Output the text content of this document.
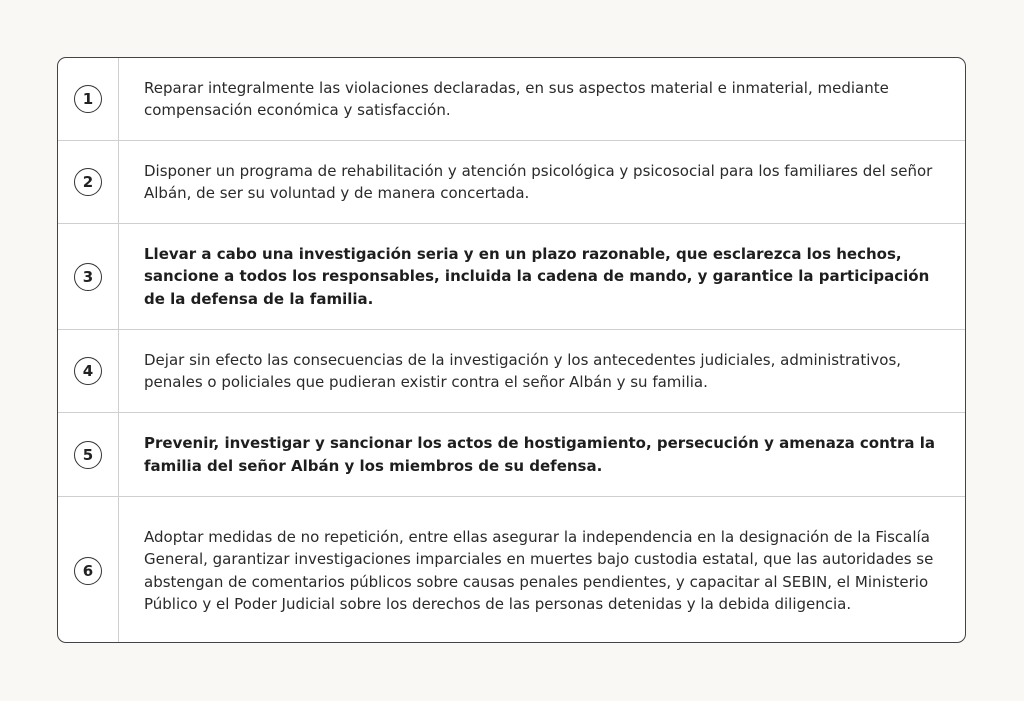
1
Reparar integralmente las violaciones declaradas, en sus aspectos material e inmaterial, mediante compensación económica y satisfacción.
2
Disponer un programa de rehabilitación y atención psicológica y psicosocial para los familiares del señor Albán, de ser su voluntad y de manera concertada.
3
Llevar a cabo una investigación seria y en un plazo razonable, que esclarezca los hechos, sancione a todos los responsables, incluida la cadena de mando, y garantice la participación de la defensa de la familia.
4
Dejar sin efecto las consecuencias de la investigación y los antecedentes judiciales, administrativos, penales o policiales que pudieran existir contra el señor Albán y su familia.
5
Prevenir, investigar y sancionar los actos de hostigamiento, persecución y amenaza contra la familia del señor Albán y los miembros de su defensa.
6
Adoptar medidas de no repetición, entre ellas asegurar la independencia en la designación de la Fiscalía General, garantizar investigaciones imparciales en muertes bajo custodia estatal, que las autoridades se abstengan de comentarios públicos sobre causas penales pendientes, y capacitar al SEBIN, el Ministerio Público y el Poder Judicial sobre los derechos de las personas detenidas y la debida diligencia.
